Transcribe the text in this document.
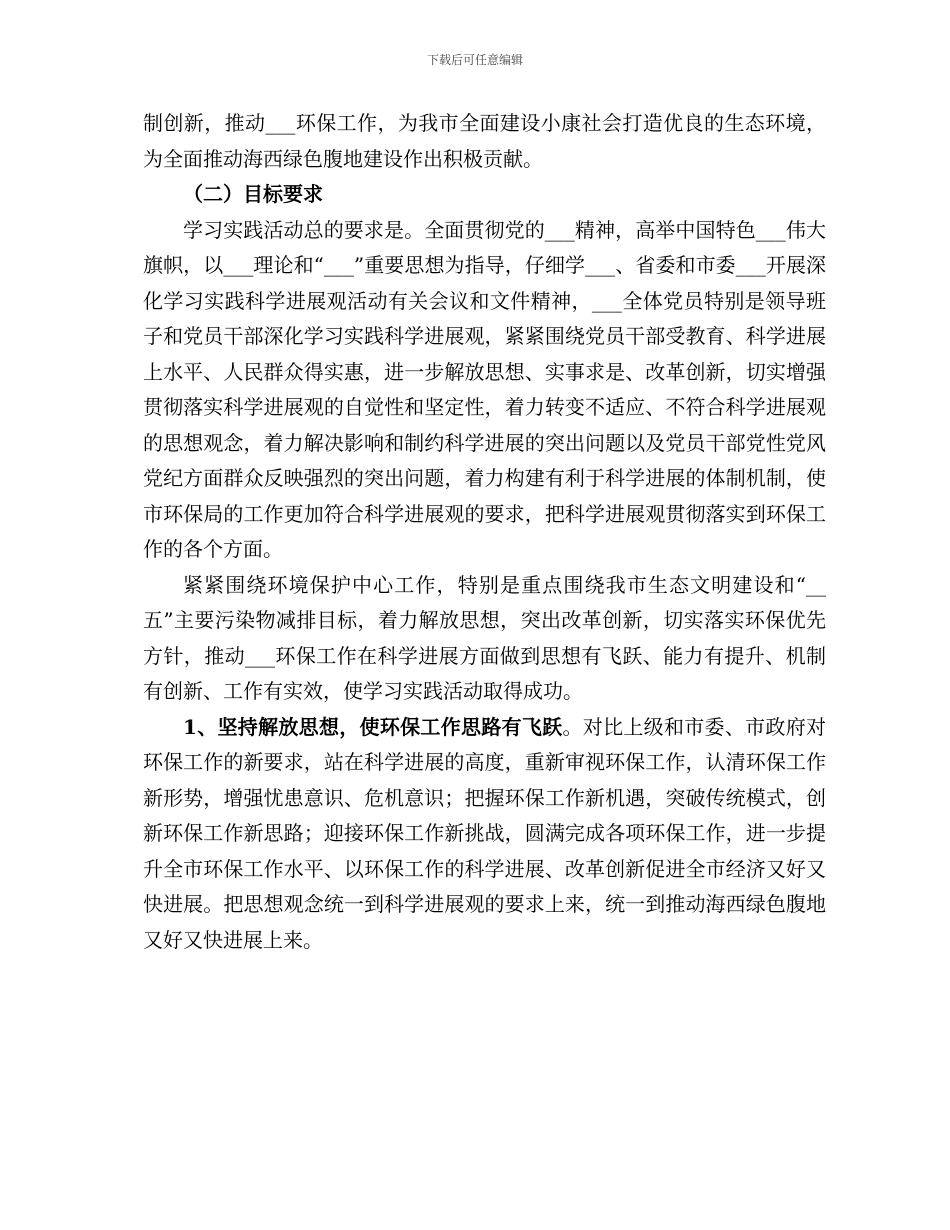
下载后可任意编辑

制创新，推动___环保工作，为我市全面建设小康社会打造优良的生态环境，为全面推动海西绿色腹地建设作出积极贡献。

（二）目标要求

学习实践活动总的要求是。全面贯彻党的___精神，高举中国特色___伟大旗帜，以___理论和“___”重要思想为指导，仔细学___、省委和市委___开展深化学习实践科学进展观活动有关会议和文件精神，___全体党员特别是领导班子和党员干部深化学习实践科学进展观，紧紧围绕党员干部受教育、科学进展上水平、人民群众得实惠，进一步解放思想、实事求是、改革创新，切实增强贯彻落实科学进展观的自觉性和坚定性，着力转变不适应、不符合科学进展观的思想观念，着力解决影响和制约科学进展的突出问题以及党员干部党性党风党纪方面群众反映强烈的突出问题，着力构建有利于科学进展的体制机制，使市环保局的工作更加符合科学进展观的要求，把科学进展观贯彻落实到环保工作的各个方面。

紧紧围绕环境保护中心工作，特别是重点围绕我市生态文明建设和“__五”主要污染物减排目标，着力解放思想，突出改革创新，切实落实环保优先方针，推动___环保工作在科学进展方面做到思想有飞跃、能力有提升、机制有创新、工作有实效，使学习实践活动取得成功。

1、坚持解放思想，使环保工作思路有飞跃。对比上级和市委、市政府对环保工作的新要求，站在科学进展的高度，重新审视环保工作，认清环保工作新形势，增强忧患意识、危机意识；把握环保工作新机遇，突破传统模式，创新环保工作新思路；迎接环保工作新挑战，圆满完成各项环保工作，进一步提升全市环保工作水平、以环保工作的科学进展、改革创新促进全市经济又好又快进展。把思想观念统一到科学进展观的要求上来，统一到推动海西绿色腹地又好又快进展上来。
